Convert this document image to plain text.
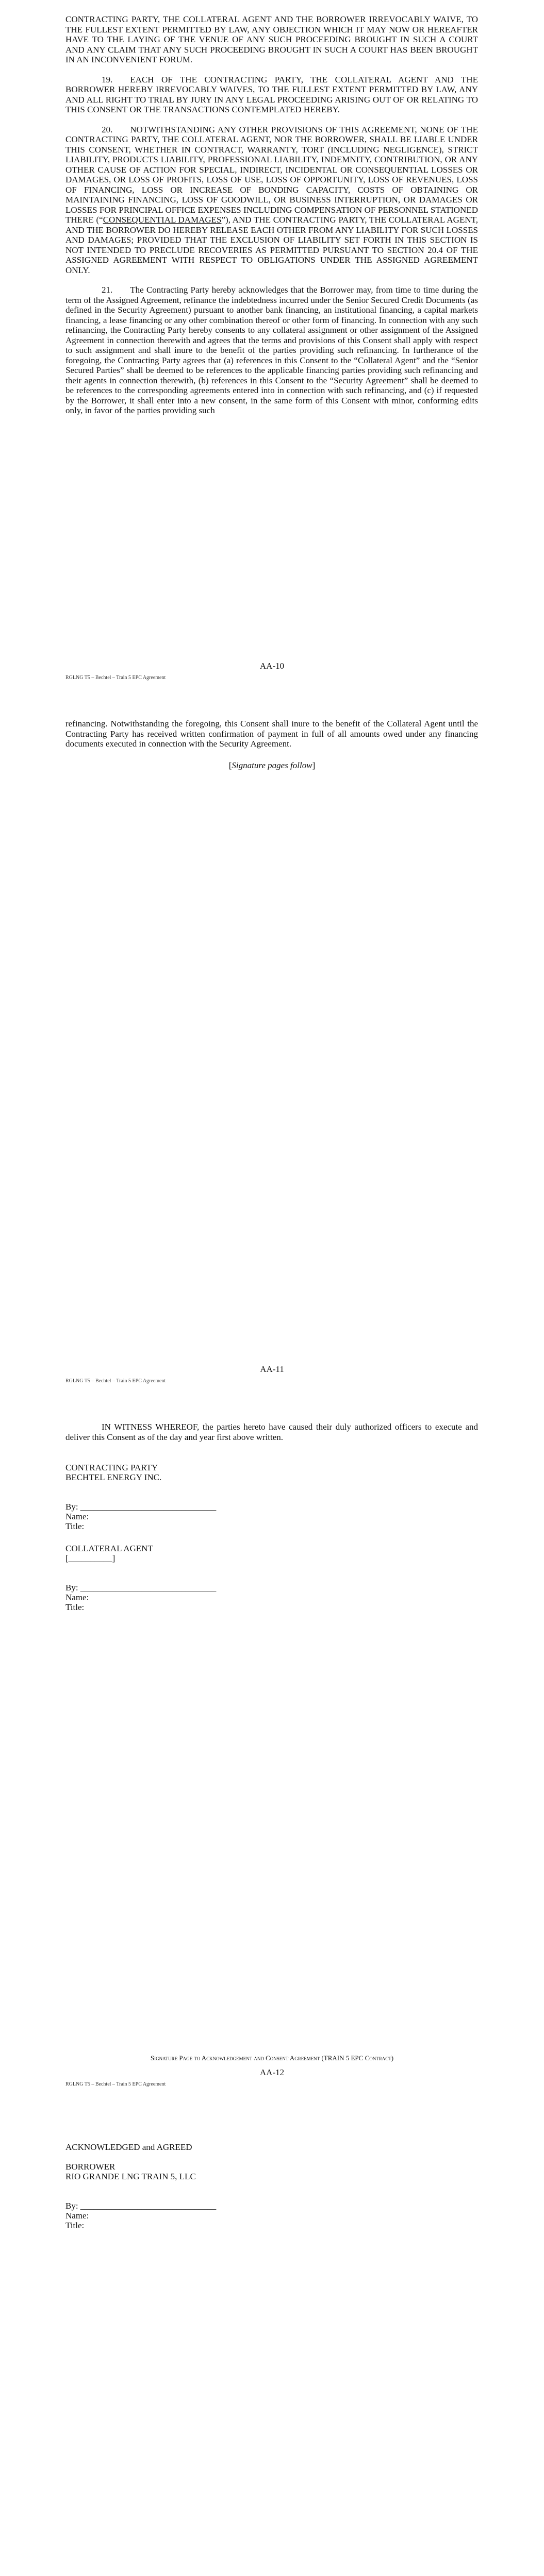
CONTRACTING PARTY, THE COLLATERAL AGENT AND THE BORROWER IRREVOCABLY WAIVE, TO THE FULLEST EXTENT PERMITTED BY LAW, ANY OBJECTION WHICH IT MAY NOW OR HEREAFTER HAVE TO THE LAYING OF THE VENUE OF ANY SUCH PROCEEDING BROUGHT IN SUCH A COURT AND ANY CLAIM THAT ANY SUCH PROCEEDING BROUGHT IN SUCH A COURT HAS BEEN BROUGHT IN AN INCONVENIENT FORUM.

19.  EACH OF THE CONTRACTING PARTY, THE COLLATERAL AGENT AND THE BORROWER HEREBY IRREVOCABLY WAIVES, TO THE FULLEST EXTENT PERMITTED BY LAW, ANY AND ALL RIGHT TO TRIAL BY JURY IN ANY LEGAL PROCEEDING ARISING OUT OF OR RELATING TO THIS CONSENT OR THE TRANSACTIONS CONTEMPLATED HEREBY.

20.  NOTWITHSTANDING ANY OTHER PROVISIONS OF THIS AGREEMENT, NONE OF THE CONTRACTING PARTY, THE COLLATERAL AGENT, NOR THE BORROWER, SHALL BE LIABLE UNDER THIS CONSENT, WHETHER IN CONTRACT, WARRANTY, TORT (INCLUDING NEGLIGENCE), STRICT LIABILITY, PRODUCTS LIABILITY, PROFESSIONAL LIABILITY, INDEMNITY, CONTRIBUTION, OR ANY OTHER CAUSE OF ACTION FOR SPECIAL, INDIRECT, INCIDENTAL OR CONSEQUENTIAL LOSSES OR DAMAGES, OR LOSS OF PROFITS, LOSS OF USE, LOSS OF OPPORTUNITY, LOSS OF REVENUES, LOSS OF FINANCING, LOSS OR INCREASE OF BONDING CAPACITY, COSTS OF OBTAINING OR MAINTAINING FINANCING, LOSS OF GOODWILL, OR BUSINESS INTERRUPTION, OR DAMAGES OR LOSSES FOR PRINCIPAL OFFICE EXPENSES INCLUDING COMPENSATION OF PERSONNEL STATIONED THERE (“CONSEQUENTIAL DAMAGES”), AND THE CONTRACTING PARTY, THE COLLATERAL AGENT, AND THE BORROWER DO HEREBY RELEASE EACH OTHER FROM ANY LIABILITY FOR SUCH LOSSES AND DAMAGES; PROVIDED THAT THE EXCLUSION OF LIABILITY SET FORTH IN THIS SECTION IS NOT INTENDED TO PRECLUDE RECOVERIES AS PERMITTED PURSUANT TO SECTION 20.4 OF THE ASSIGNED AGREEMENT WITH RESPECT TO OBLIGATIONS UNDER THE ASSIGNED AGREEMENT ONLY.

21.  The Contracting Party hereby acknowledges that the Borrower may, from time to time during the term of the Assigned Agreement, refinance the indebtedness incurred under the Senior Secured Credit Documents (as defined in the Security Agreement) pursuant to another bank financing, an institutional financing, a capital markets financing, a lease financing or any other combination thereof or other form of financing. In connection with any such refinancing, the Contracting Party hereby consents to any collateral assignment or other assignment of the Assigned Agreement in connection therewith and agrees that the terms and provisions of this Consent shall apply with respect to such assignment and shall inure to the benefit of the parties providing such refinancing. In furtherance of the foregoing, the Contracting Party agrees that (a) references in this Consent to the “Collateral Agent” and the “Senior Secured Parties” shall be deemed to be references to the applicable financing parties providing such refinancing and their agents in connection therewith, (b) references in this Consent to the “Security Agreement” shall be deemed to be references to the corresponding agreements entered into in connection with such refinancing, and (c) if requested by the Borrower, it shall enter into a new consent, in the same form of this Consent with minor, conforming edits only, in favor of the parties providing such

AA-10
RGLNG T5 – Bechtel – Train 5 EPC Agreement

refinancing. Notwithstanding the foregoing, this Consent shall inure to the benefit of the Collateral Agent until the Contracting Party has received written confirmation of payment in full of all amounts owed under any financing documents executed in connection with the Security Agreement.

[Signature pages follow]
AA-11
RGLNG T5 – Bechtel – Train 5 EPC Agreement

IN WITNESS WHEREOF, the parties hereto have caused their duly authorized officers to execute and deliver this Consent as of the day and year first above written.

CONTRACTING PARTY
BECHTEL ENERGY INC.
By: _______________________________
Name:
Title:
COLLATERAL AGENT
[__________]
By: _______________________________
Name:
Title:
Signature Page to Acknowledgement and Consent Agreement (TRAIN 5 EPC Contract)
AA-12
RGLNG T5 – Bechtel – Train 5 EPC Agreement
ACKNOWLEDGED and AGREED
BORROWER
RIO GRANDE LNG TRAIN 5, LLC
By: _______________________________
Name:
Title:
